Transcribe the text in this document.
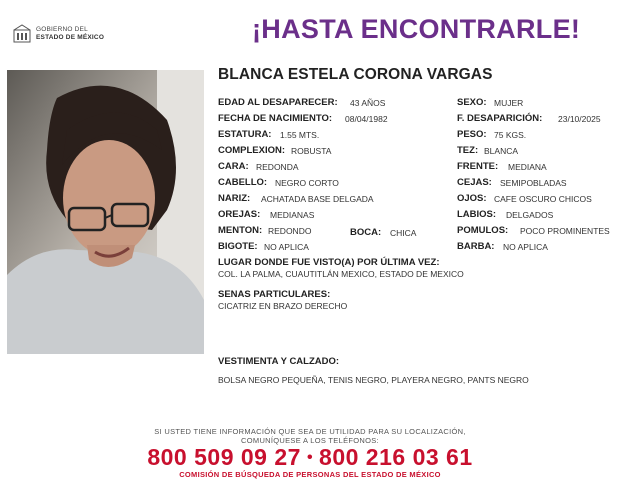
GOBIERNO DEL
ESTADO DE MÉXICO	¡HASTA ENCONTRARLE!
BLANCA ESTELA CORONA VARGAS
EDAD AL DESAPARECER: 43 AÑOS
FECHA DE NACIMIENTO: 08/04/1982
ESTATURA: 1.55 MTS.
COMPLEXION: ROBUSTA
CARA: REDONDA
CABELLO: NEGRO CORTO
NARIZ: ACHATADA BASE DELGADA
OREJAS: MEDIANAS
MENTON: REDONDO	BOCA: CHICA
BIGOTE: NO APLICA
SEXO: MUJER
F. DESAPARICIÓN: 23/10/2025
PESO: 75 KGS.
TEZ: BLANCA
FRENTE: MEDIANA
CEJAS: SEMIPOBLADAS
OJOS: CAFE OSCURO CHICOS
LABIOS: DELGADOS
POMULOS: POCO PROMINENTES
BARBA: NO APLICA
LUGAR DONDE FUE VISTO(A) POR ÚLTIMA VEZ:
COL. LA PALMA, CUAUTITLÁN MEXICO, ESTADO DE MEXICO
SENAS PARTICULARES:
CICATRIZ EN BRAZO DERECHO
VESTIMENTA Y CALZADO:
BOLSA NEGRO PEQUEÑA, TENIS NEGRO, PLAYERA NEGRO, PANTS NEGRO
SI USTED TIENE INFORMACIÓN QUE SEA DE UTILIDAD PARA SU LOCALIZACIÓN,
COMUNÍQUESE A LOS TELÉFONOS:
800 509 09 27 • 800 216 03 61
COMISIÓN DE BÚSQUEDA DE PERSONAS DEL ESTADO DE MÉXICO
